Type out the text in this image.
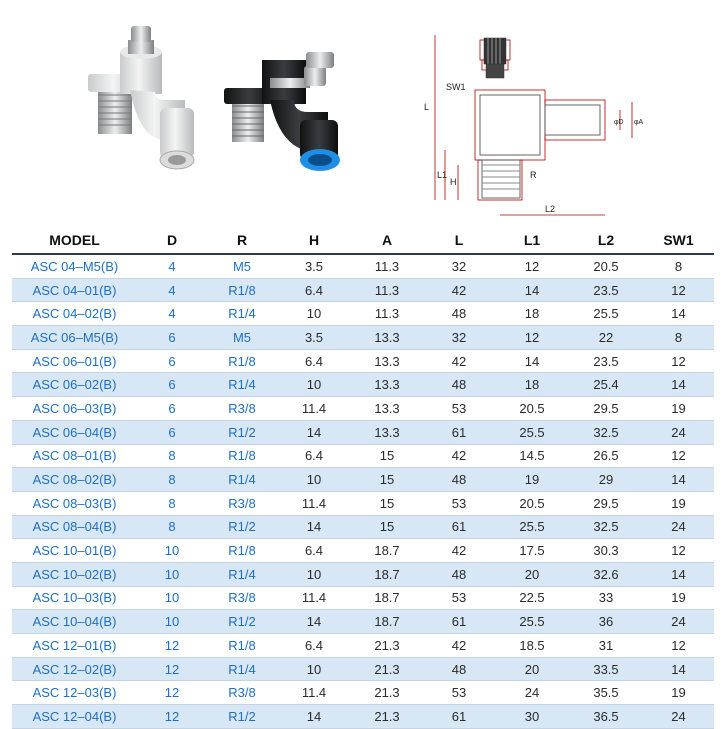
L
SW1
L1
H
R
L2
φD φA
MODEL	D	R	H	A	L	L1	L2	SW1
ASC 04–M5(B)	4	M5	3.5	11.3	32	12	20.5	8
ASC 04–01(B)	4	R1/8	6.4	11.3	42	14	23.5	12
ASC 04–02(B)	4	R1/4	10	11.3	48	18	25.5	14
ASC 06–M5(B)	6	M5	3.5	13.3	32	12	22	8
ASC 06–01(B)	6	R1/8	6.4	13.3	42	14	23.5	12
ASC 06–02(B)	6	R1/4	10	13.3	48	18	25.4	14
ASC 06–03(B)	6	R3/8	11.4	13.3	53	20.5	29.5	19
ASC 06–04(B)	6	R1/2	14	13.3	61	25.5	32.5	24
ASC 08–01(B)	8	R1/8	6.4	15	42	14.5	26.5	12
ASC 08–02(B)	8	R1/4	10	15	48	19	29	14
ASC 08–03(B)	8	R3/8	11.4	15	53	20.5	29.5	19
ASC 08–04(B)	8	R1/2	14	15	61	25.5	32.5	24
ASC 10–01(B)	10	R1/8	6.4	18.7	42	17.5	30.3	12
ASC 10–02(B)	10	R1/4	10	18.7	48	20	32.6	14
ASC 10–03(B)	10	R3/8	11.4	18.7	53	22.5	33	19
ASC 10–04(B)	10	R1/2	14	18.7	61	25.5	36	24
ASC 12–01(B)	12	R1/8	6.4	21.3	42	18.5	31	12
ASC 12–02(B)	12	R1/4	10	21.3	48	20	33.5	14
ASC 12–03(B)	12	R3/8	11.4	21.3	53	24	35.5	19
ASC 12–04(B)	12	R1/2	14	21.3	61	30	36.5	24
